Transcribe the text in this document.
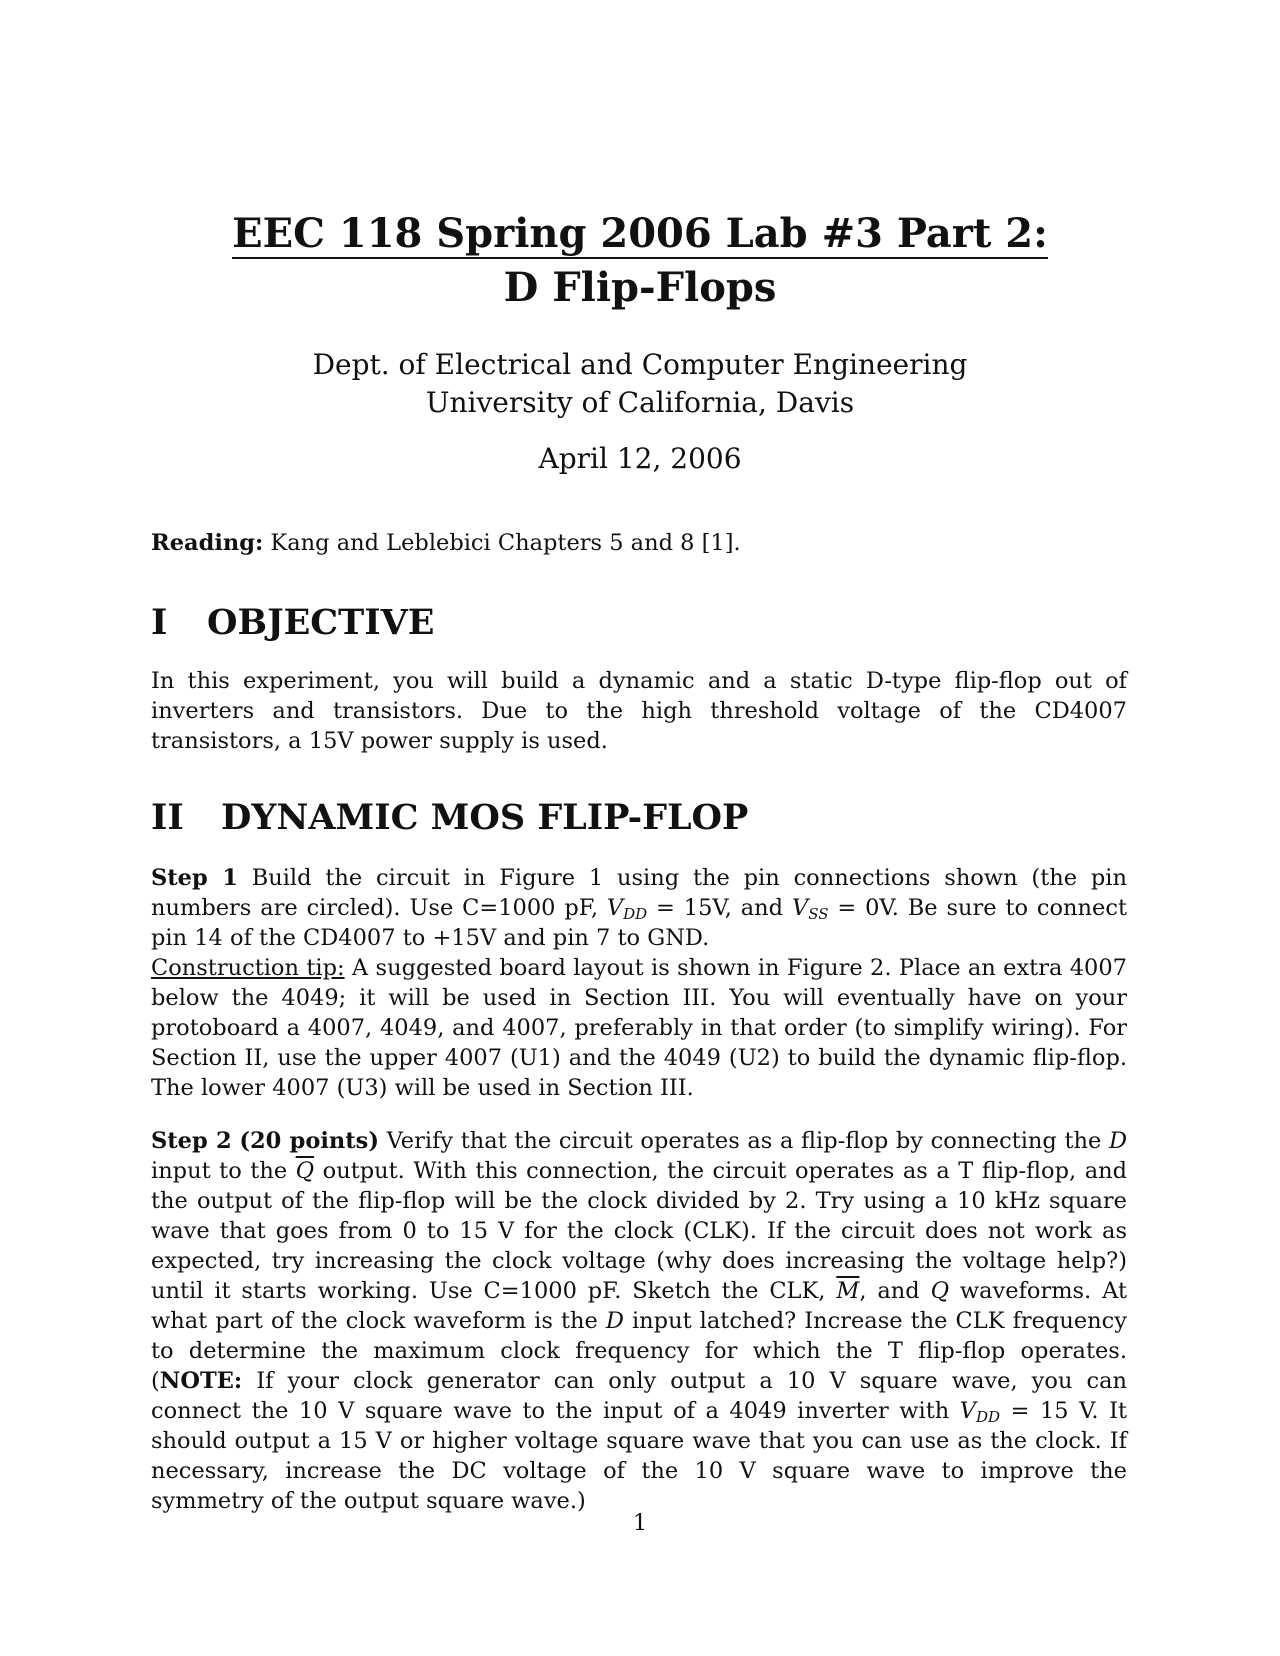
EEC 118 Spring 2006 Lab #3 Part 2:
D Flip-Flops
Dept. of Electrical and Computer Engineering
University of California, Davis
April 12, 2006
Reading: Kang and Leblebici Chapters 5 and 8 [1].
I OBJECTIVE
In this experiment, you will build a dynamic and a static D-type flip-flop out of inverters and transistors. Due to the high threshold voltage of the CD4007 transistors, a 15V power supply is used.
II DYNAMIC MOS FLIP-FLOP
Step 1 Build the circuit in Figure 1 using the pin connections shown (the pin numbers are circled). Use C=1000 pF, $V_{DD} = 15V$, and $V_{SS} = 0V$. Be sure to connect pin 14 of the CD4007 to +15V and pin 7 to GND.
Construction tip: A suggested board layout is shown in Figure 2. Place an extra 4007 below the 4049; it will be used in Section III. You will eventually have on your protoboard a 4007, 4049, and 4007, preferably in that order (to simplify wiring). For Section II, use the upper 4007 (U1) and the 4049 (U2) to build the dynamic flip-flop. The lower 4007 (U3) will be used in Section III.
Step 2 (20 points) Verify that the circuit operates as a flip-flop by connecting the D input to the $\overline{Q}$ output. With this connection, the circuit operates as a T flip-flop, and the output of the flip-flop will be the clock divided by 2. Try using a 10 kHz square wave that goes from 0 to 15 V for the clock (CLK). If the circuit does not work as expected, try increasing the clock voltage (why does increasing the voltage help?) until it starts working. Use C=1000 pF. Sketch the CLK, $\overline{M}$, and Q waveforms. At what part of the clock waveform is the D input latched? Increase the CLK frequency to determine the maximum clock frequency for which the T flip-flop operates. (NOTE: If your clock generator can only output a 10 V square wave, you can connect the 10 V square wave to the input of a 4049 inverter with $V_{DD} = 15$ V. It should output a 15 V or higher voltage square wave that you can use as the clock. If necessary, increase the DC voltage of the 10 V square wave to improve the symmetry of the output square wave.)
1
